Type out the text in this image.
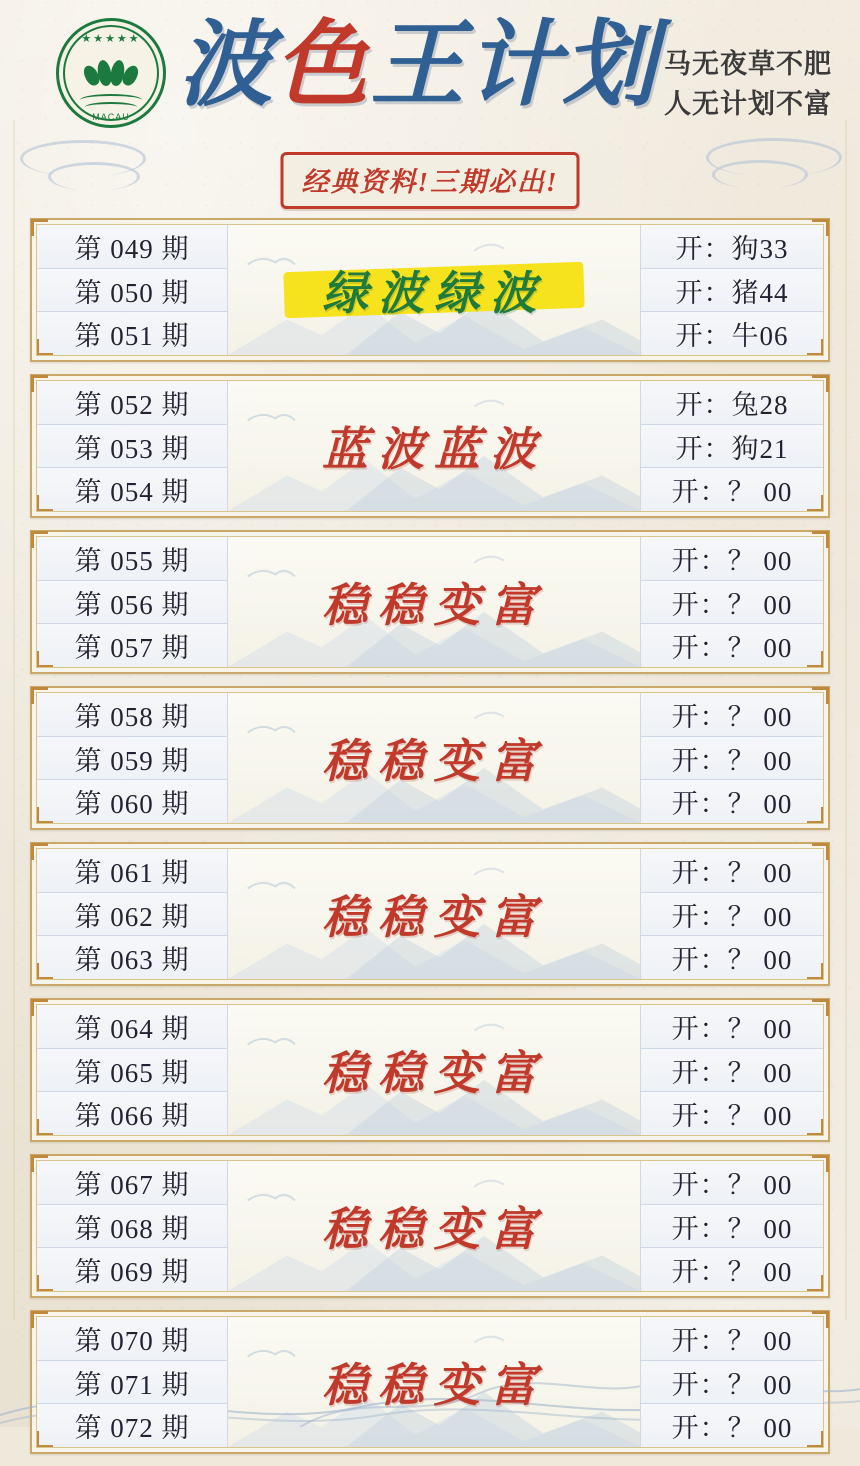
★★★★★
MACAU 波色王计划 马无夜草不肥
人无计划不富
经典资料!三期必出!
第 049 期
第 050 期
第 051 期
绿波绿波
开：狗33
开：猪44
开：牛06
第 052 期
第 053 期
第 054 期
蓝波蓝波
开：兔28
开：狗21
开：？ 00
第 055 期
第 056 期
第 057 期
稳稳变富
开：？ 00
开：？ 00
开：？ 00
第 058 期
第 059 期
第 060 期
稳稳变富
开：？ 00
开：？ 00
开：？ 00
第 061 期
第 062 期
第 063 期
稳稳变富
开：？ 00
开：？ 00
开：？ 00
第 064 期
第 065 期
第 066 期
稳稳变富
开：？ 00
开：？ 00
开：？ 00
第 067 期
第 068 期
第 069 期
稳稳变富
开：？ 00
开：？ 00
开：？ 00
第 070 期
第 071 期
第 072 期
稳稳变富
开：？ 00
开：？ 00
开：？ 00
